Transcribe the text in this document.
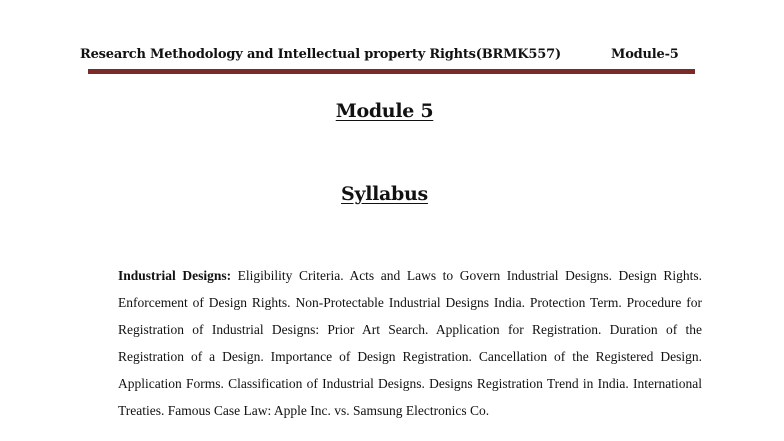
Research Methodology and Intellectual property Rights(BRMK557)	Module-5
Module 5
Syllabus

Industrial Designs: Eligibility Criteria. Acts and Laws to Govern Industrial Designs. Design Rights. Enforcement of Design Rights. Non-Protectable Industrial Designs India. Protection Term. Procedure for Registration of Industrial Designs: Prior Art Search. Application for Registration. Duration of the Registration of a Design. Importance of Design Registration. Cancellation of the Registered Design. Application Forms. Classification of Industrial Designs. Designs Registration Trend in India. International Treaties. Famous Case Law: Apple Inc. vs. Samsung Electronics Co.
